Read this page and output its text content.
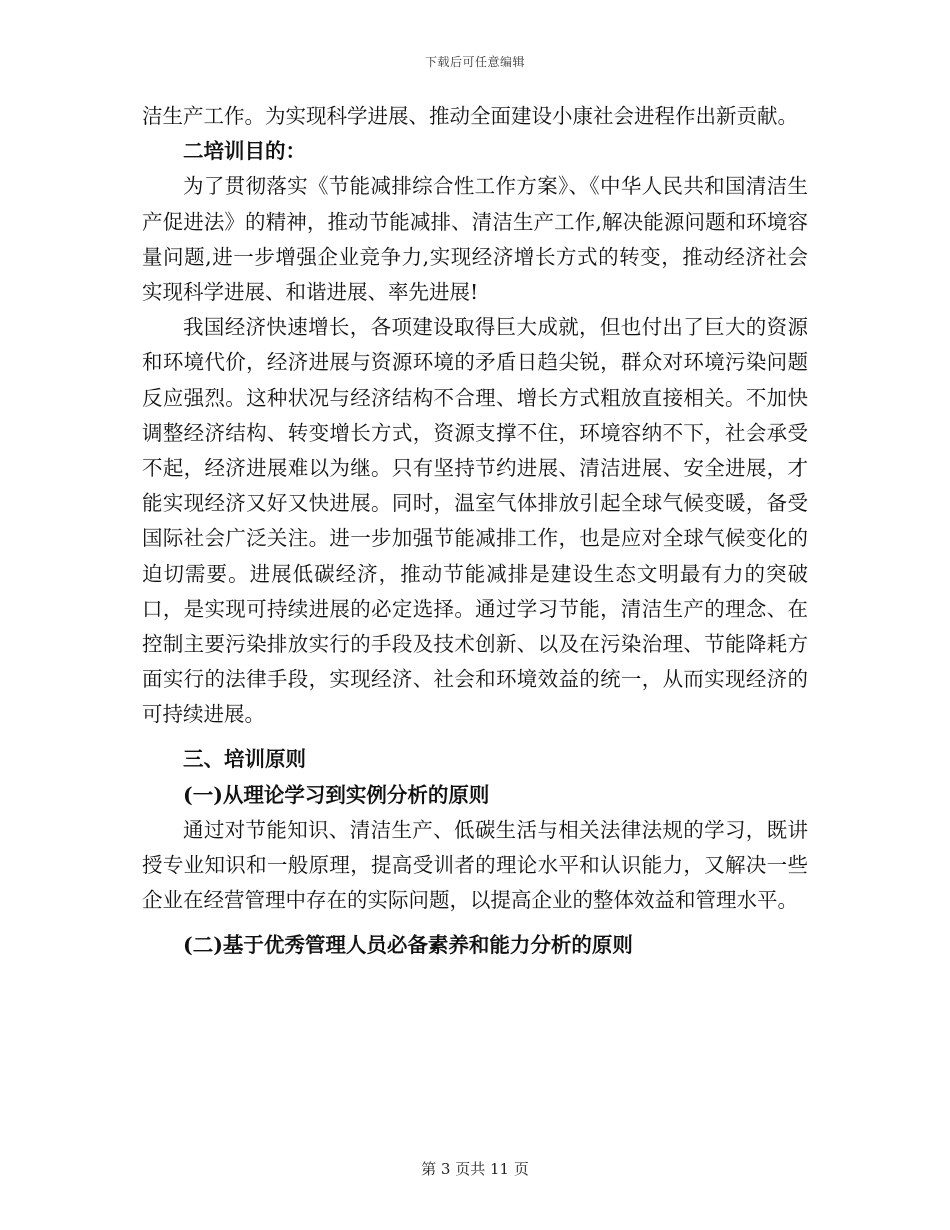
下载后可任意编辑

洁生产工作。为实现科学进展、推动全面建设小康社会进程作出新贡献。

二培训目的：

为了贯彻落实《节能减排综合性工作方案》、《中华人民共和国清洁生产促进法》的精神，推动节能减排、清洁生产工作,解决能源问题和环境容量问题,进一步增强企业竞争力,实现经济增长方式的转变，推动经济社会实现科学进展、和谐进展、率先进展!

我国经济快速增长，各项建设取得巨大成就，但也付出了巨大的资源和环境代价，经济进展与资源环境的矛盾日趋尖锐，群众对环境污染问题反应强烈。这种状况与经济结构不合理、增长方式粗放直接相关。不加快调整经济结构、转变增长方式，资源支撑不住，环境容纳不下，社会承受不起，经济进展难以为继。只有坚持节约进展、清洁进展、安全进展，才能实现经济又好又快进展。同时，温室气体排放引起全球气候变暖，备受国际社会广泛关注。进一步加强节能减排工作，也是应对全球气候变化的迫切需要。进展低碳经济，推动节能减排是建设生态文明最有力的突破口，是实现可持续进展的必定选择。通过学习节能，清洁生产的理念、在控制主要污染排放实行的手段及技术创新、以及在污染治理、节能降耗方面实行的法律手段，实现经济、社会和环境效益的统一，从而实现经济的可持续进展。

三、培训原则

(一)从理论学习到实例分析的原则

通过对节能知识、清洁生产、低碳生活与相关法律法规的学习，既讲授专业知识和一般原理，提高受训者的理论水平和认识能力，又解决一些企业在经营管理中存在的实际问题，以提高企业的整体效益和管理水平。

(二)基于优秀管理人员必备素养和能力分析的原则

第 3 页共 11 页
